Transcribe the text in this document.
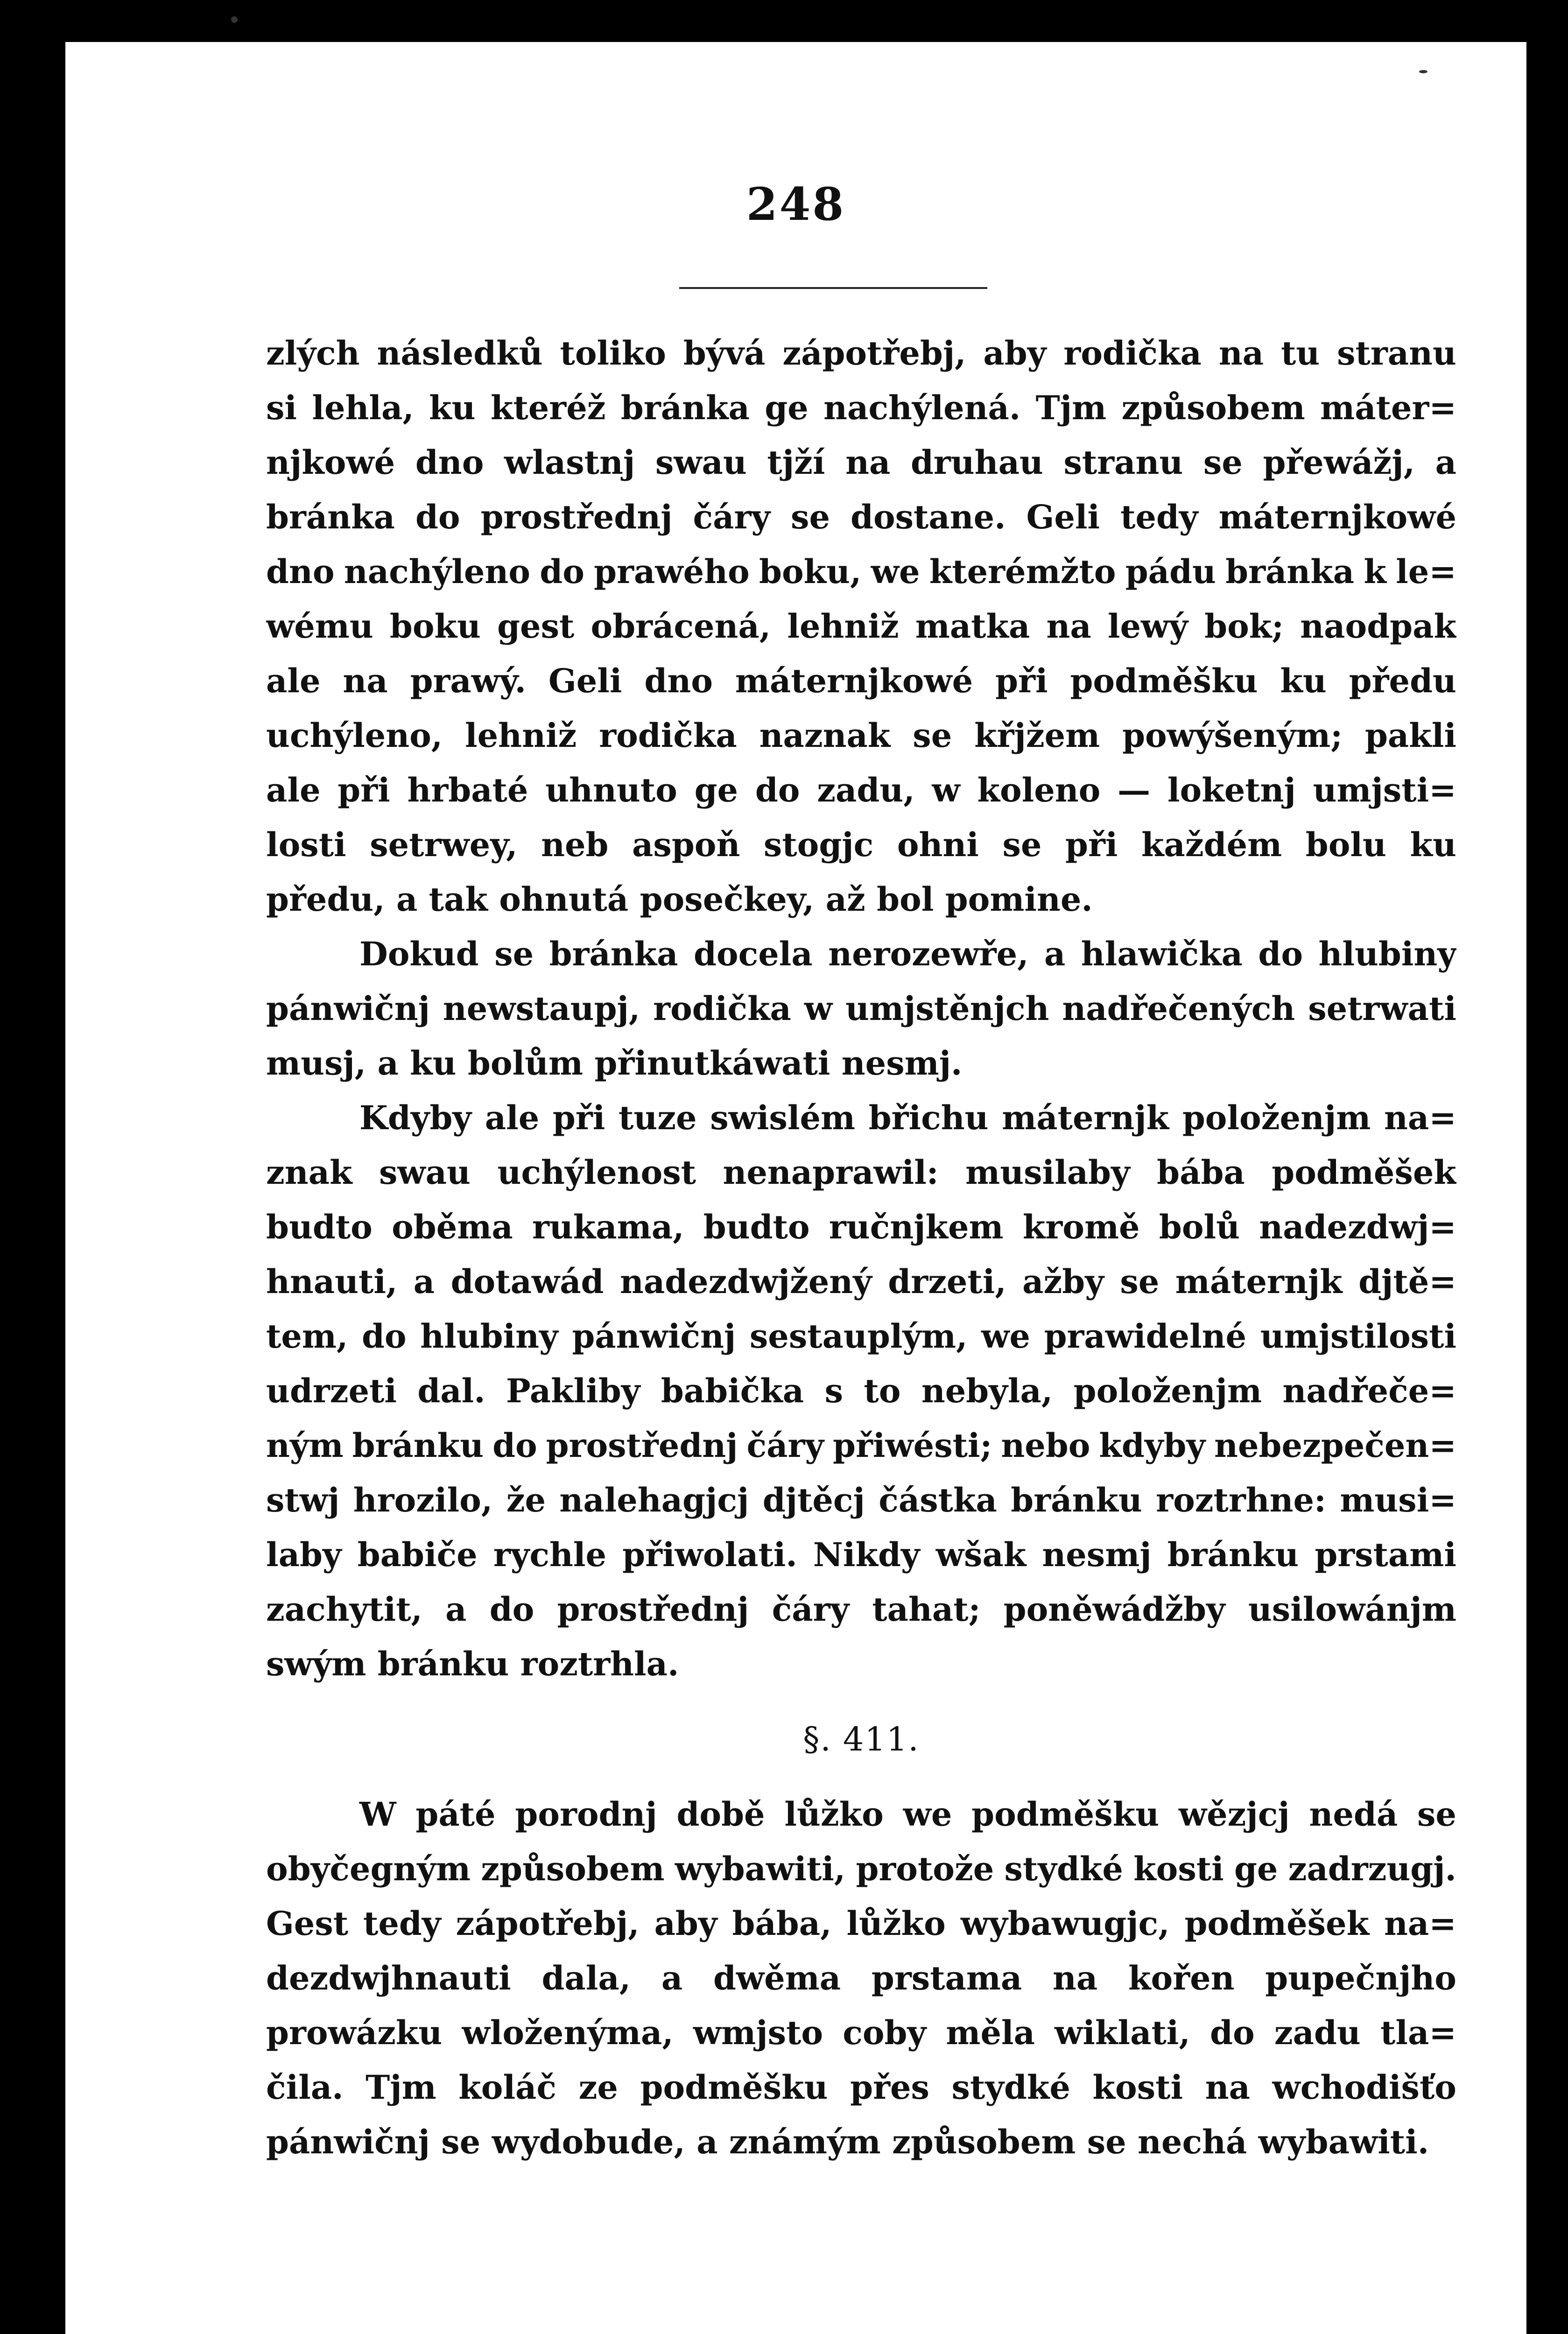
248
zlých následků toliko bývá zápotřebj, aby rodička na tu stranu
si lehla, ku kteréž bránka ge nachýlená. Tjm způsobem máter=
njkowé dno wlastnj swau tjží na druhau stranu se přewážj, a
bránka do prostřednj čáry se dostane. Geli tedy máternjkowé
dno nachýleno do prawého boku, we kterémžto pádu bránka k le=
wému boku gest obrácená, lehniž matka na lewý bok; naodpak
ale na prawý. Geli dno máternjkowé při podměšku ku předu
uchýleno, lehniž rodička naznak se křjžem powýšeným; pakli
ale při hrbaté uhnuto ge do zadu, w koleno — loketnj umjsti=
losti setrwey, neb aspoň stogjc ohni se při každém bolu ku
předu, a tak ohnutá posečkey, až bol pomine.
Dokud se bránka docela nerozewře, a hlawička do hlubiny
pánwičnj newstaupj, rodička w umjstěnjch nadřečených setrwati
musj, a ku bolům přinutkáwati nesmj.
Kdyby ale při tuze swislém břichu máternjk položenjm na=
znak swau uchýlenost nenaprawil: musilaby bába podměšek
budto oběma rukama, budto ručnjkem kromě bolů nadezdwj=
hnauti, a dotawád nadezdwjžený drzeti, ažby se máternjk djtě=
tem, do hlubiny pánwičnj sestauplým, we prawidelné umjstilosti
udrzeti dal. Pakliby babička s to nebyla, položenjm nadřeče=
ným bránku do prostřednj čáry přiwésti; nebo kdyby nebezpečen=
stwj hrozilo, že nalehagjcj djtěcj částka bránku roztrhne: musi=
laby babiče rychle přiwolati. Nikdy wšak nesmj bránku prstami
zachytit, a do prostřednj čáry tahat; poněwádžby usilowánjm
swým bránku roztrhla.
§. 411.
W páté porodnj době lůžko we podměšku wězjcj nedá se
obyčegným způsobem wybawiti, protože stydké kosti ge zadrzugj.
Gest tedy zápotřebj, aby bába, lůžko wybawugjc, podměšek na=
dezdwjhnauti dala, a dwěma prstama na kořen pupečnjho
prowázku wloženýma, wmjsto coby měla wiklati, do zadu tla=
čila. Tjm koláč ze podměšku přes stydké kosti na wchodišťo
pánwičnj se wydobude, a známým způsobem se nechá wybawiti.
